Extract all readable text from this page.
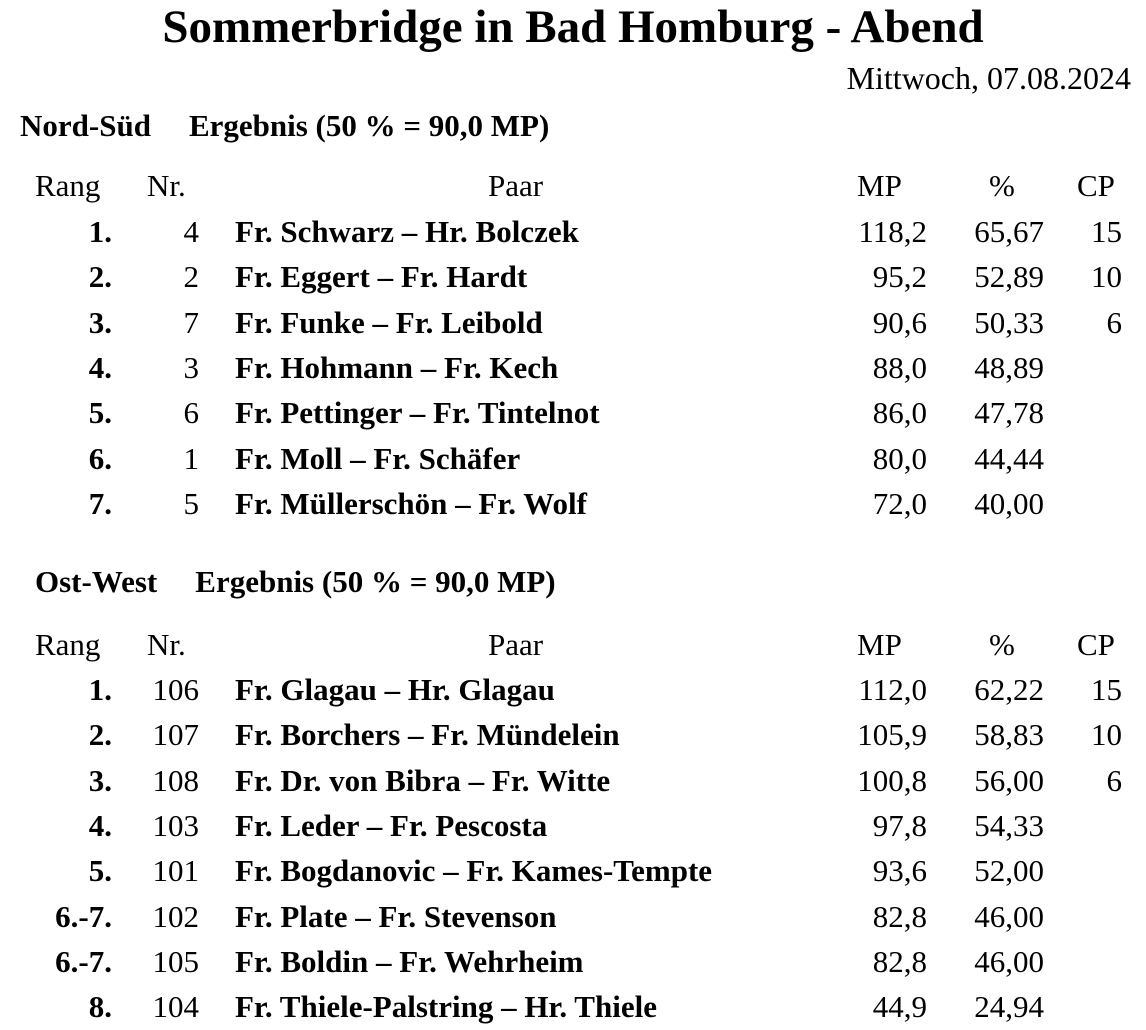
Sommerbridge in Bad Homburg - Abend
Mittwoch, 07.08.2024
Nord-Süd Ergebnis (50 % = 90,0 MP)
Rang Nr.	Paar	MP	% CP
1. 4 Fr. Schwarz – Hr. Bolczek	118,2 65,67 15
2. 2 Fr. Eggert – Fr. Hardt	95,2 52,89 10
3. 7 Fr. Funke – Fr. Leibold	90,6 50,33 6
4. 3 Fr. Hohmann – Fr. Kech	88,0 48,89
5. 6 Fr. Pettinger – Fr. Tintelnot	86,0 47,78
6. 1 Fr. Moll – Fr. Schäfer	80,0 44,44
7. 5 Fr. Müllerschön – Fr. Wolf	72,0 40,00
Ost-West Ergebnis (50 % = 90,0 MP)
Rang Nr.	Paar	MP	% CP
1. 106 Fr. Glagau – Hr. Glagau	112,0 62,22 15
2. 107 Fr. Borchers – Fr. Mündelein	105,9 58,83 10
3. 108 Fr. Dr. von Bibra – Fr. Witte	100,8 56,00 6
4. 103 Fr. Leder – Fr. Pescosta	97,8 54,33
5. 101 Fr. Bogdanovic – Fr. Kames-Tempte	93,6 52,00
6.-7. 102 Fr. Plate – Fr. Stevenson	82,8 46,00
6.-7. 105 Fr. Boldin – Fr. Wehrheim	82,8 46,00
8. 104 Fr. Thiele-Palstring – Hr. Thiele	44,9 24,94
